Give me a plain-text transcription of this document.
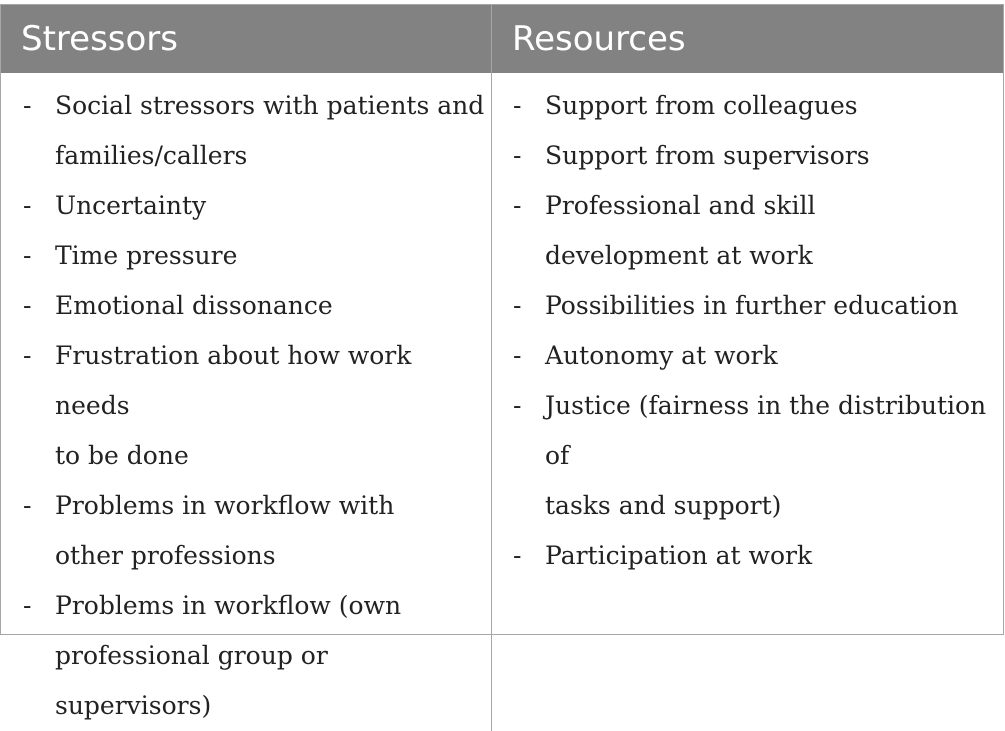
Stressors	Resources
- Social stressors with patients and
families/callers
- Uncertainty
- Time pressure
- Emotional dissonance
- Frustration about how work needs
to be done
- Problems in workflow with
other professions
- Problems in workflow (own
professional group or supervisors)
- Support from colleagues
- Support from supervisors
- Professional and skill
development at work
- Possibilities in further education
- Autonomy at work
- Justice (fairness in the distribution of
tasks and support)
- Participation at work
